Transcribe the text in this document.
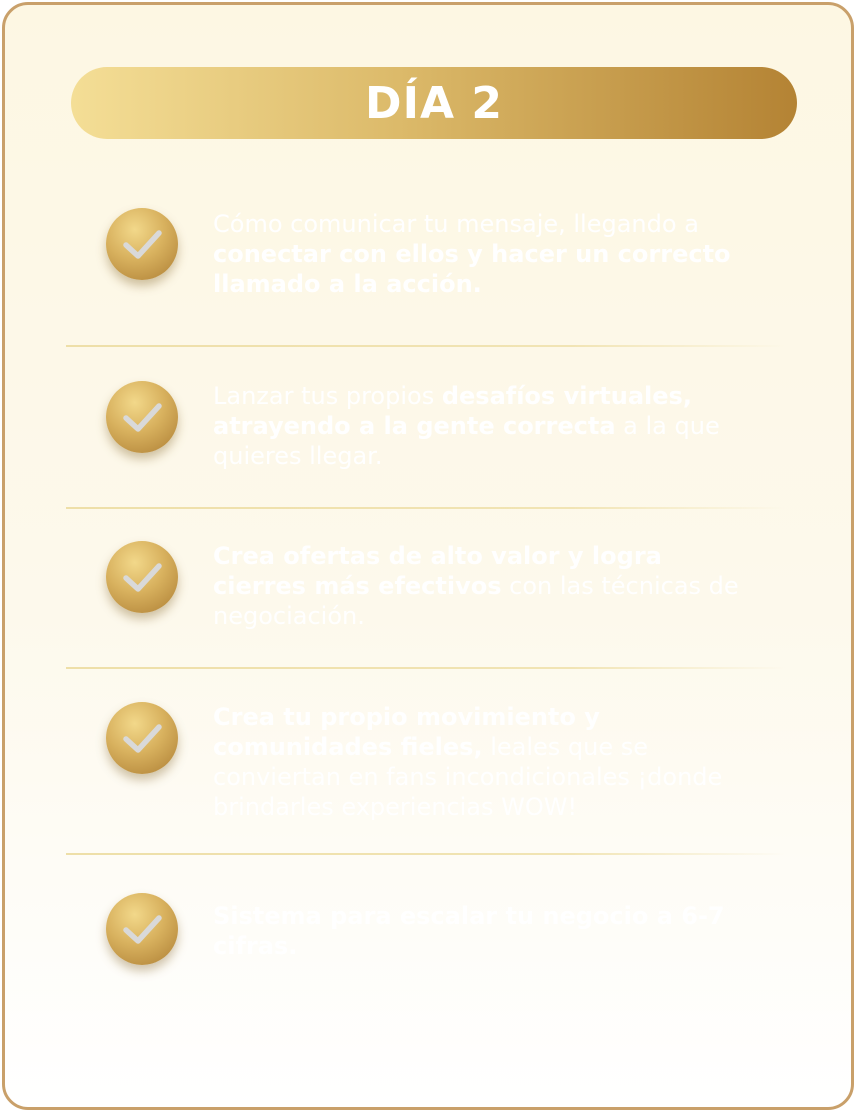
DÍA 2
Cómo comunicar tu mensaje, llegando a conectar con ellos y hacer un correcto llamado a la acción.
Lanzar tus propios desafíos virtuales, atrayendo a la gente correcta a la que quieres llegar.
Crea ofertas de alto valor y logra cierres más efectivos con las técnicas de negociación.
Crea tu propio movimiento y comunidades fieles, leales que se conviertan en fans incondicionales ¡donde brindarles experiencias WOW!
Sistema para escalar tu negocio a 6-7 cifras.
